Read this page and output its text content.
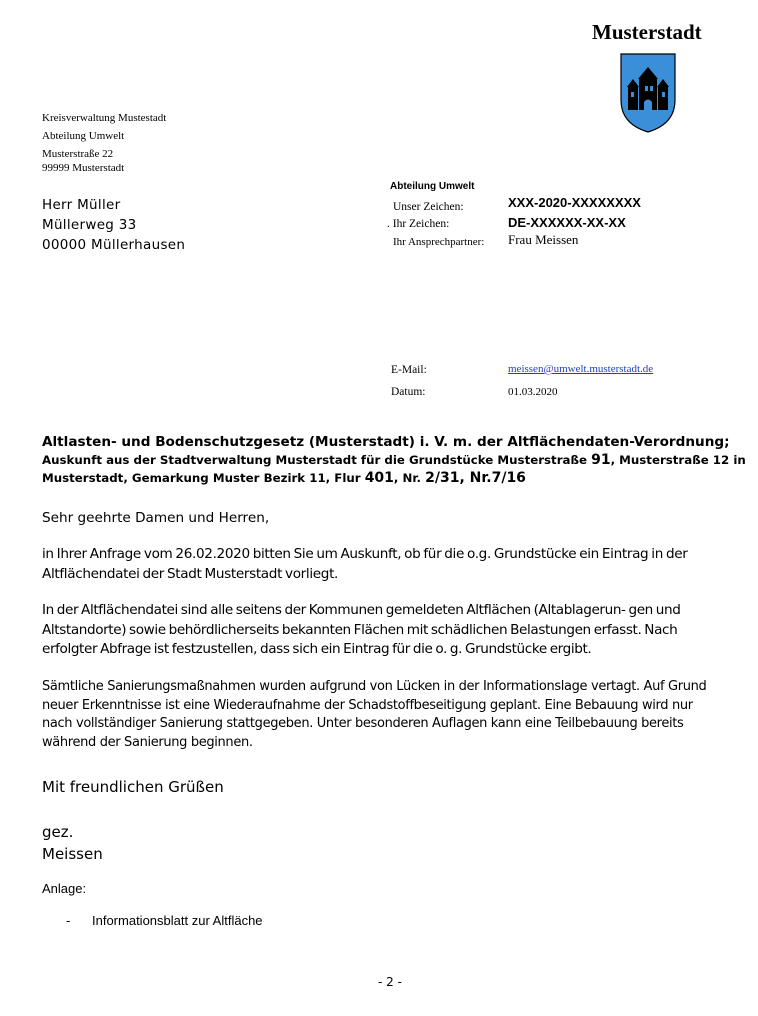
Musterstadt
Kreisverwaltung Mustestadt
Abteilung Umwelt
Musterstraße 22
99999 Musterstadt
Herr Müller
Müllerweg 33
00000 Müllerhausen
Abteilung Umwelt
Unser Zeichen:	XXX-2020-XXXXXXXX
. Ihr Zeichen:	DE-XXXXXX-XX-XX
Ihr Ansprechpartner: Frau Meissen
E-Mail:	meissen@umwelt.musterstadt.de
Datum:	01.03.2020
Altlasten- und Bodenschutzgesetz (Musterstadt) i. V. m. der Altflächendaten-Verordnung;
Auskunft aus der Stadtverwaltung Musterstadt für die Grundstücke Musterstraße 91, Musterstraße 12 in
Musterstadt, Gemarkung Muster Bezirk 11, Flur 401, Nr. 2/31, Nr.7/16
Sehr geehrte Damen und Herren,

in Ihrer Anfrage vom 26.02.2020 bitten Sie um Auskunft, ob für die o.g. Grundstücke ein Eintrag in der

Altflächendatei der Stadt Musterstadt vorliegt.

In der Altflächendatei sind alle seitens der Kommunen gemeldeten Altflächen (Altablagerun- gen und

Altstandorte) sowie behördlicherseits bekannten Flächen mit schädlichen Belastungen erfasst. Nach

erfolgter Abfrage ist festzustellen, dass sich ein Eintrag für die o. g. Grundstücke ergibt.

Sämtliche Sanierungsmaßnahmen wurden aufgrund von Lücken in der Informationslage vertagt. Auf Grund

neuer Erkenntnisse ist eine Wiederaufnahme der Schadstoffbeseitigung geplant. Eine Bebauung wird nur

nach vollständiger Sanierung stattgegeben. Unter besonderen Auflagen kann eine Teilbebauung bereits

während der Sanierung beginnen.

Mit freundlichen Grüßen
gez.
Meissen
Anlage:
- Informationsblatt zur Altfläche
- 2 -
